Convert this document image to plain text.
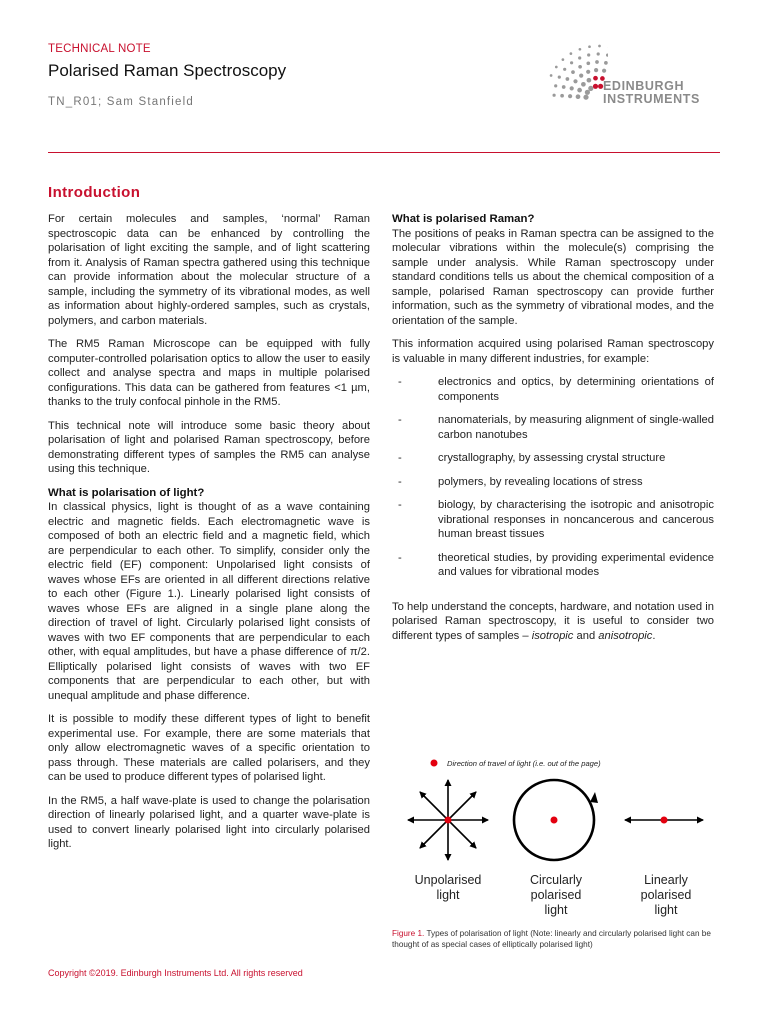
TECHNICAL NOTE
Polarised Raman Spectroscopy
TN_R01; Sam Stanfield
EDINBURGH
INSTRUMENTS
Introduction

For certain molecules and samples, ‘normal’ Raman spectroscopic data can be enhanced by controlling the polarisation of light exciting the sample, and of light scattering from it. Analysis of Raman spectra gathered using this technique can provide information about the molecular structure of a sample, including the symmetry of its vibrational modes, as well as information about highly-ordered samples, such as crystals, polymers, and carbon materials.

The RM5 Raman Microscope can be equipped with fully computer-controlled polarisation optics to allow the user to easily collect and analyse spectra and maps in multiple polarised configurations. This data can be gathered from features <1 µm, thanks to the truly confocal pinhole in the RM5.

This technical note will introduce some basic theory about polarisation of light and polarised Raman spectroscopy, before demonstrating different types of samples the RM5 can analyse using this technique.

What is polarisation of light?

In classical physics, light is thought of as a wave containing electric and magnetic fields. Each electromagnetic wave is composed of both an electric field and a magnetic field, which are perpendicular to each other. To simplify, consider only the electric field (EF) component: Unpolarised light consists of waves whose EFs are oriented in all different directions relative to each other (Figure 1.). Linearly polarised light consists of waves whose EFs are aligned in a single plane along the direction of travel of light. Circularly polarised light consists of waves with two EF components that are perpendicular to each other, with equal amplitudes, but have a phase difference of π/2. Elliptically polarised light consists of waves with two EF components that are perpendicular to each other, but with unequal amplitude and phase difference.

It is possible to modify these different types of light to benefit experimental use. For example, there are some materials that only allow electromagnetic waves of a specific orientation to pass through. These materials are called polarisers, and they can be used to produce different types of polarised light.

In the RM5, a half wave-plate is used to change the polarisation direction of linearly polarised light, and a quarter wave-plate is used to convert linearly polarised light into circularly polarised light.

What is polarised Raman?

The positions of peaks in Raman spectra can be assigned to the molecular vibrations within the molecule(s) comprising the sample under analysis. While Raman spectroscopy under standard conditions tells us about the chemical composition of a sample, polarised Raman spectroscopy can provide further information, such as the symmetry of vibrational modes, and the orientation of the sample.

This information acquired using polarised Raman spectroscopy is valuable in many different industries, for example:

- electronics and optics, by determining orientations of components
- nanomaterials, by measuring alignment of single-walled carbon nanotubes
- crystallography, by assessing crystal structure
- polymers, by revealing locations of stress
- biology, by characterising the isotropic and anisotropic vibrational responses in noncancerous and cancerous human breast tissues
- theoretical studies, by providing experimental evidence and values for vibrational modes

To help understand the concepts, hardware, and notation used in polarised Raman spectroscopy, it is useful to consider two different types of samples – isotropic and anisotropic.

Direction of travel of light (i.e. out of the page)
Unpolarised
light
Circularly
polarised
light
Linearly
polarised
light
Figure 1. Types of polarisation of light (Note: linearly and circularly polarised light can be thought of as special cases of elliptically polarised light)
Copyright ©2019. Edinburgh Instruments Ltd. All rights reserved
